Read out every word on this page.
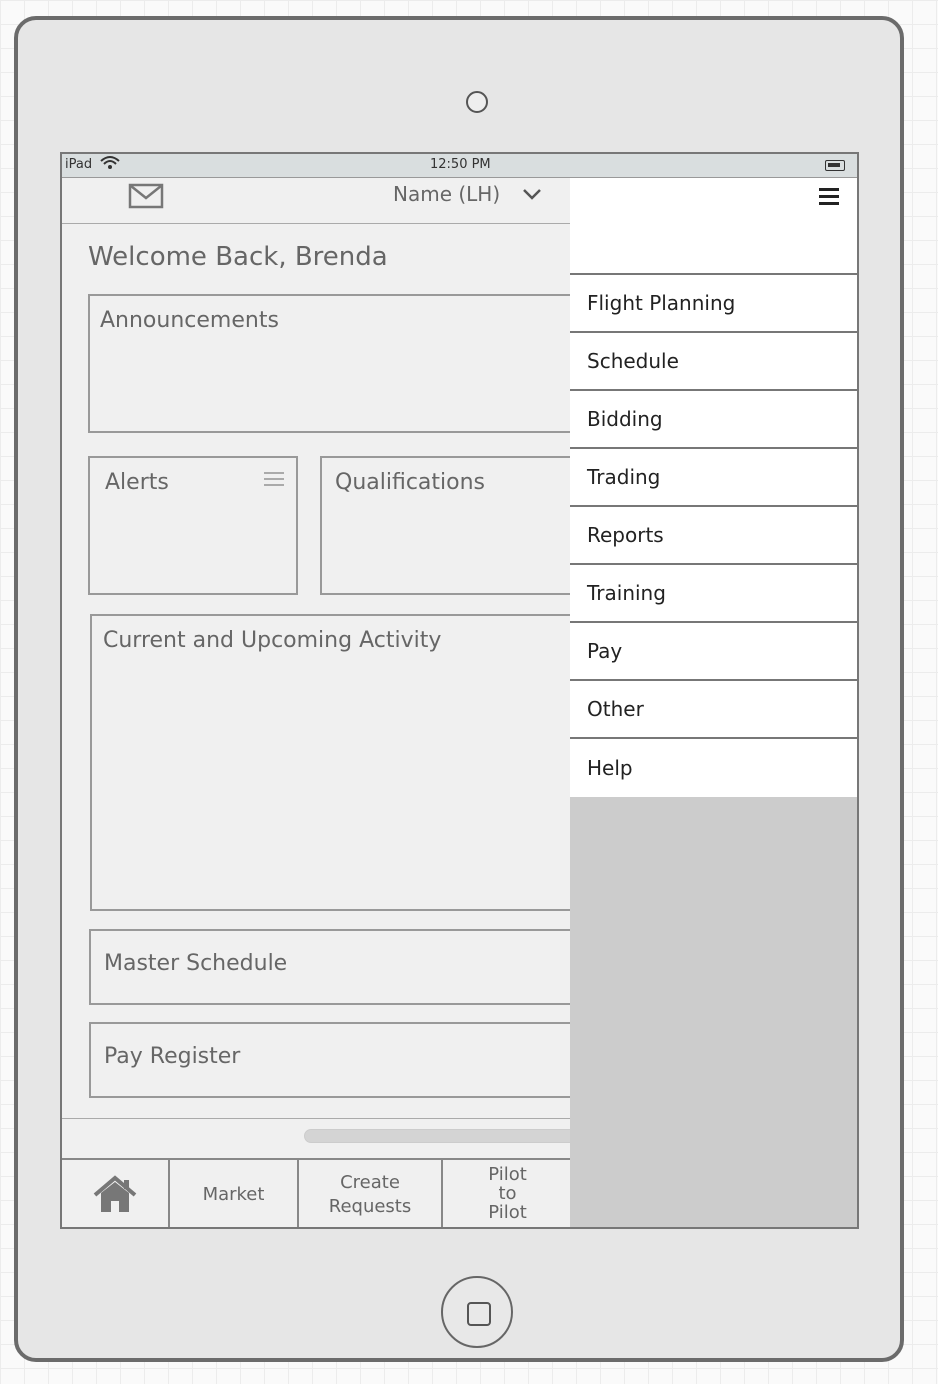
iPad	12:50 PM
Name (LH)
Welcome Back, Brenda
Announcements
Alerts	Qualifications
Current and Upcoming Activity
Master Schedule
Pay Register
Market
Create
Requests
Pilot
to
Pilot
Flight Planning
Schedule
Bidding
Trading
Reports
Training
Pay
Other
Help
